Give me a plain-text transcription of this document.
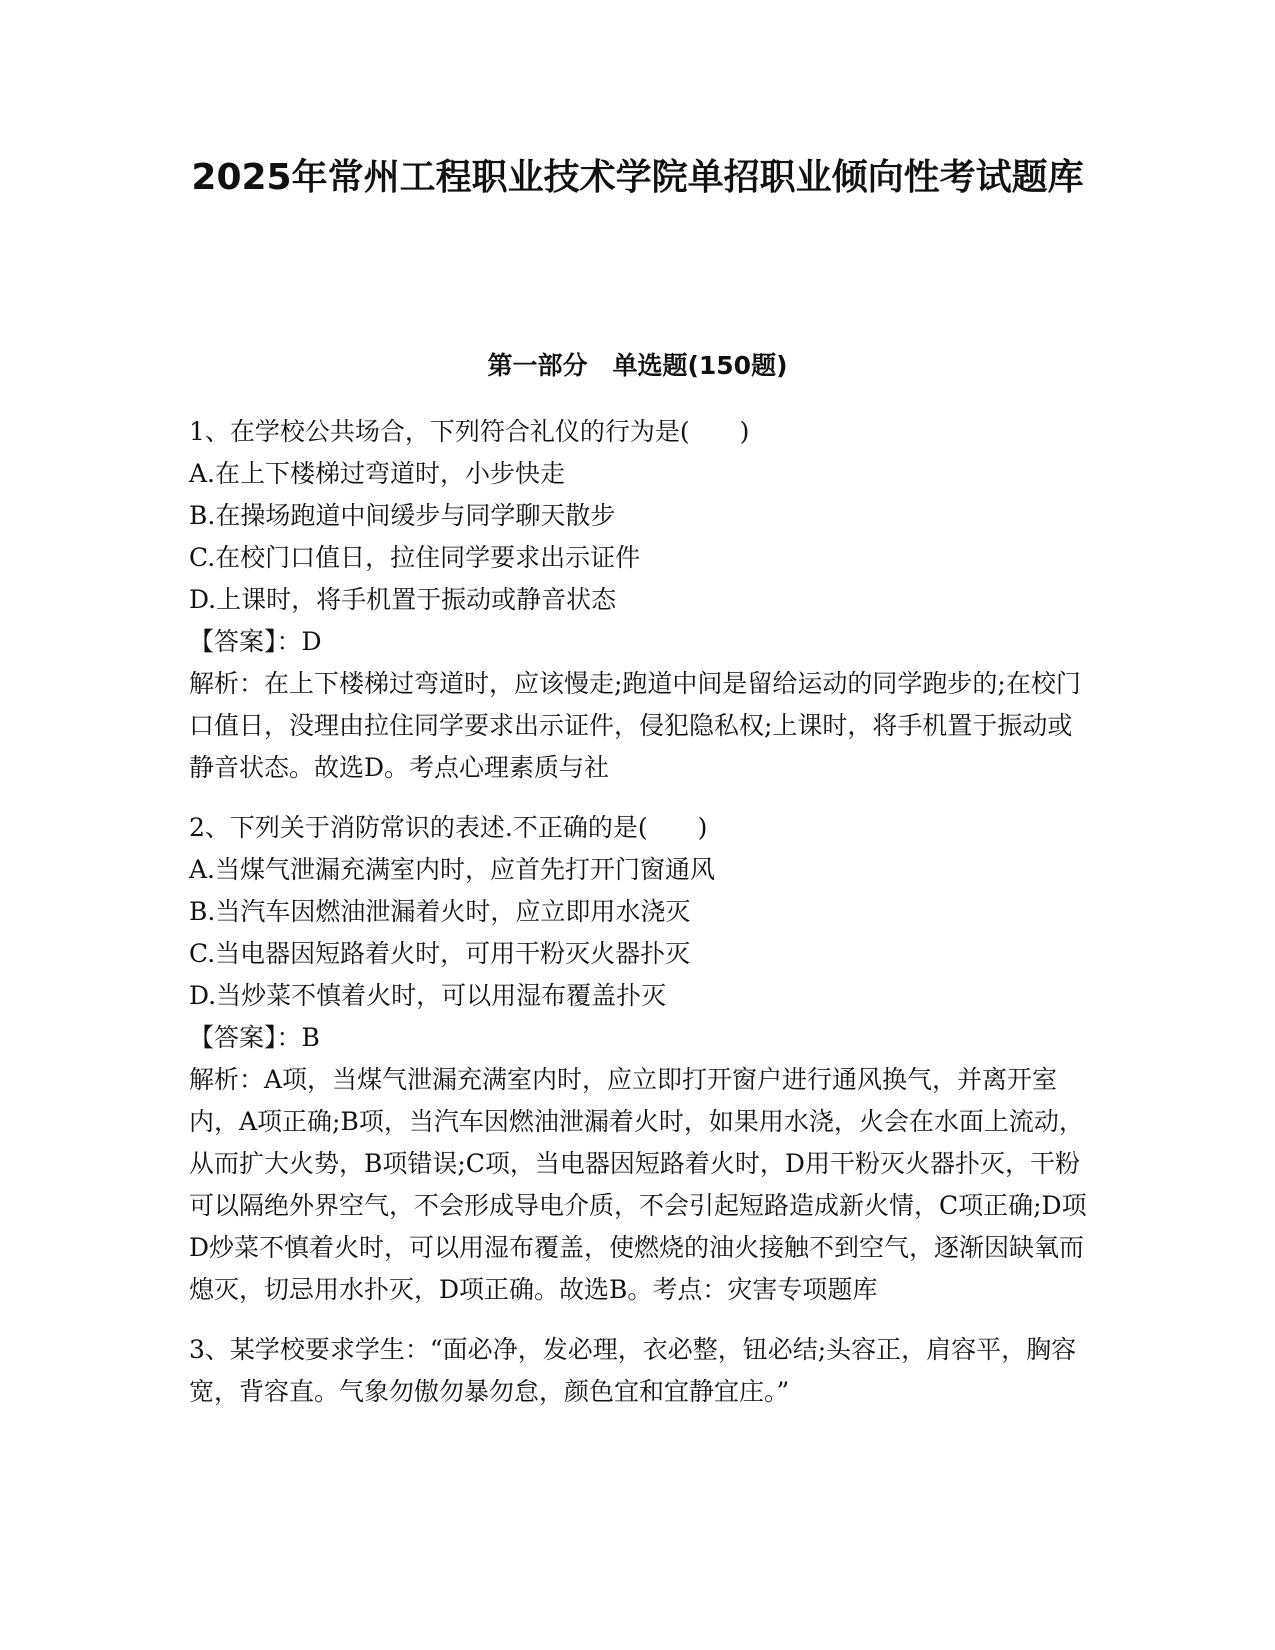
2025年常州工程职业技术学院单招职业倾向性考试题库
第一部分　单选题(150题)
1、在学校公共场合，下列符合礼仪的行为是(　　)
A.在上下楼梯过弯道时，小步快走
B.在操场跑道中间缓步与同学聊天散步
C.在校门口值日，拉住同学要求出示证件
D.上课时，将手机置于振动或静音状态
【答案】：D
解析：在上下楼梯过弯道时，应该慢走;跑道中间是留给运动的同学跑步的;在校门口值日，没理由拉住同学要求出示证件，侵犯隐私权;上课时，将手机置于振动或静音状态。故选D。考点心理素质与社
2、下列关于消防常识的表述.不正确的是(　　)
A.当煤气泄漏充满室内时，应首先打开门窗通风
B.当汽车因燃油泄漏着火时，应立即用水浇灭
C.当电器因短路着火时，可用干粉灭火器扑灭
D.当炒菜不慎着火时，可以用湿布覆盖扑灭
【答案】：B
解析：A项，当煤气泄漏充满室内时，应立即打开窗户进行通风换气，并离开室内，A项正确;B项，当汽车因燃油泄漏着火时，如果用水浇，火会在水面上流动，从而扩大火势，B项错误;C项，当电器因短路着火时，D用干粉灭火器扑灭，干粉可以隔绝外界空气，不会形成导电介质，不会引起短路造成新火情，C项正确;D项D炒菜不慎着火时，可以用湿布覆盖，使燃烧的油火接触不到空气，逐渐因缺氧而熄灭，切忌用水扑灭，D项正确。故选B。考点：灾害专项题库
3、某学校要求学生：“面必净，发必理，衣必整，钮必结;头容正，肩容平，胸容宽，背容直。气象勿傲勿暴勿怠，颜色宜和宜静宜庄。”
